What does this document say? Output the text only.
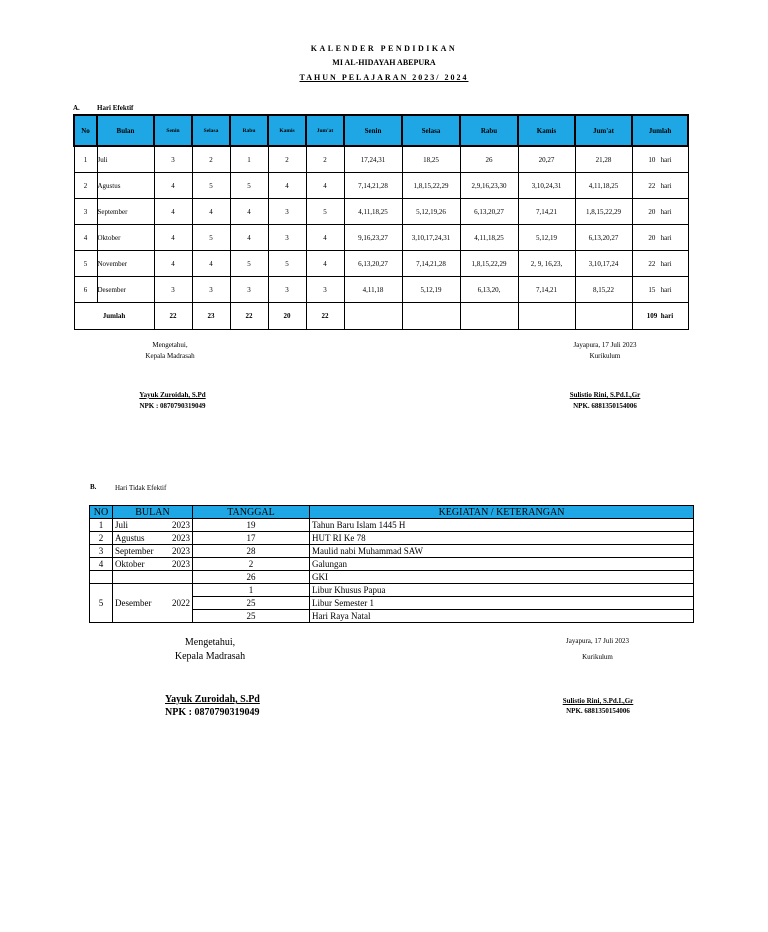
KALENDER PENDIDIKAN
MI AL-HIDAYAH ABEPURA
TAHUN PELAJARAN 2023/ 2024
A. Hari Efektif
No	Bulan	Senin	Selasa	Rabu	Kamis	Jum'at	Senin	Selasa	Rabu	Kamis	Jum'at	Jumlah
1	Juli	3	2	1	2	2	17,24,31	18,25	26	20,27	21,28	10 hari
2	Agustus	4	5	5	4	4	7,14,21,28	1,8,15,22,29	2,9,16,23,30	3,10,24,31	4,11,18,25	22 hari
3	September	4	4	4	3	5	4,11,18,25	5,12,19,26	6,13,20,27	7,14,21	1,8,15,22,29	20 hari
4	Oktober	4	5	4	3	4	9,16,23,27	3,10,17,24,31	4,11,18,25	5,12,19	6,13,20,27	20 hari
5	November	4	4	5	5	4	6,13,20,27	7,14,21,28	1,8,15,22,29	2, 9, 16,23,	3,10,17,24	22 hari
6	Desember	3	3	3	3	3	4,11,18	5,12,19	6,13,20,	7,14,21	8,15,22	15 hari
Jumlah		22	23	22	20	22						109 hari
Mengetahui,
Kepala Madrasah
Yayuk Zuroidah, S.Pd
NPK : 0870790319049
Jayapura, 17 Juli 2023
Kurikulum
Sulistio Rini, S.Pd.I.,Gr
NPK. 6881350154006
B.	Hari Tidak Efektif
NO	BULAN	TANGGAL	KEGIATAN / KETERANGAN
1	Juli 2023	19	Tahun Baru Islam 1445 H
2	Agustus 2023	17	HUT RI Ke 78
3	September 2023	28	Maulid nabi Muhammad SAW
4	Oktober 2023	2	Galungan
		26	GKI
5	Desember 2022	1	Libur Khusus Papua
		25	Libur Semester 1
		25	Hari Raya Natal
Mengetahui,
Kepala Madrasah
Yayuk Zuroidah, S.Pd
NPK : 0870790319049
Jayapura, 17 Juli 2023
Kurikulum
Sulistio Rini, S.Pd.I.,Gr
NPK. 6881350154006
